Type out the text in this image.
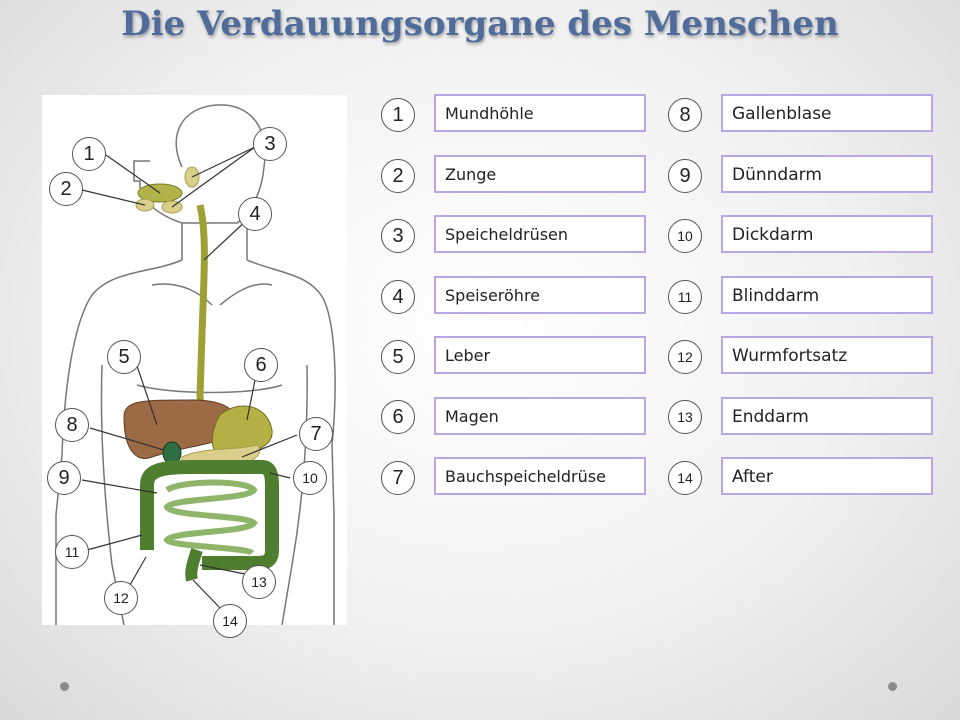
Die Verdauungsorgane des Menschen
1
2
3
4
5	6
7
8
9	10
11
12
13
14
1	Mundhöhle
2	Zunge
3	Speicheldrüsen
4	Speiseröhre
5	Leber
6	Magen
7	Bauchspeicheldrüse
8	Gallenblase
9	Dünndarm
10	Dickdarm
11	Blinddarm
12	Wurmfortsatz
13	Enddarm
14	After
